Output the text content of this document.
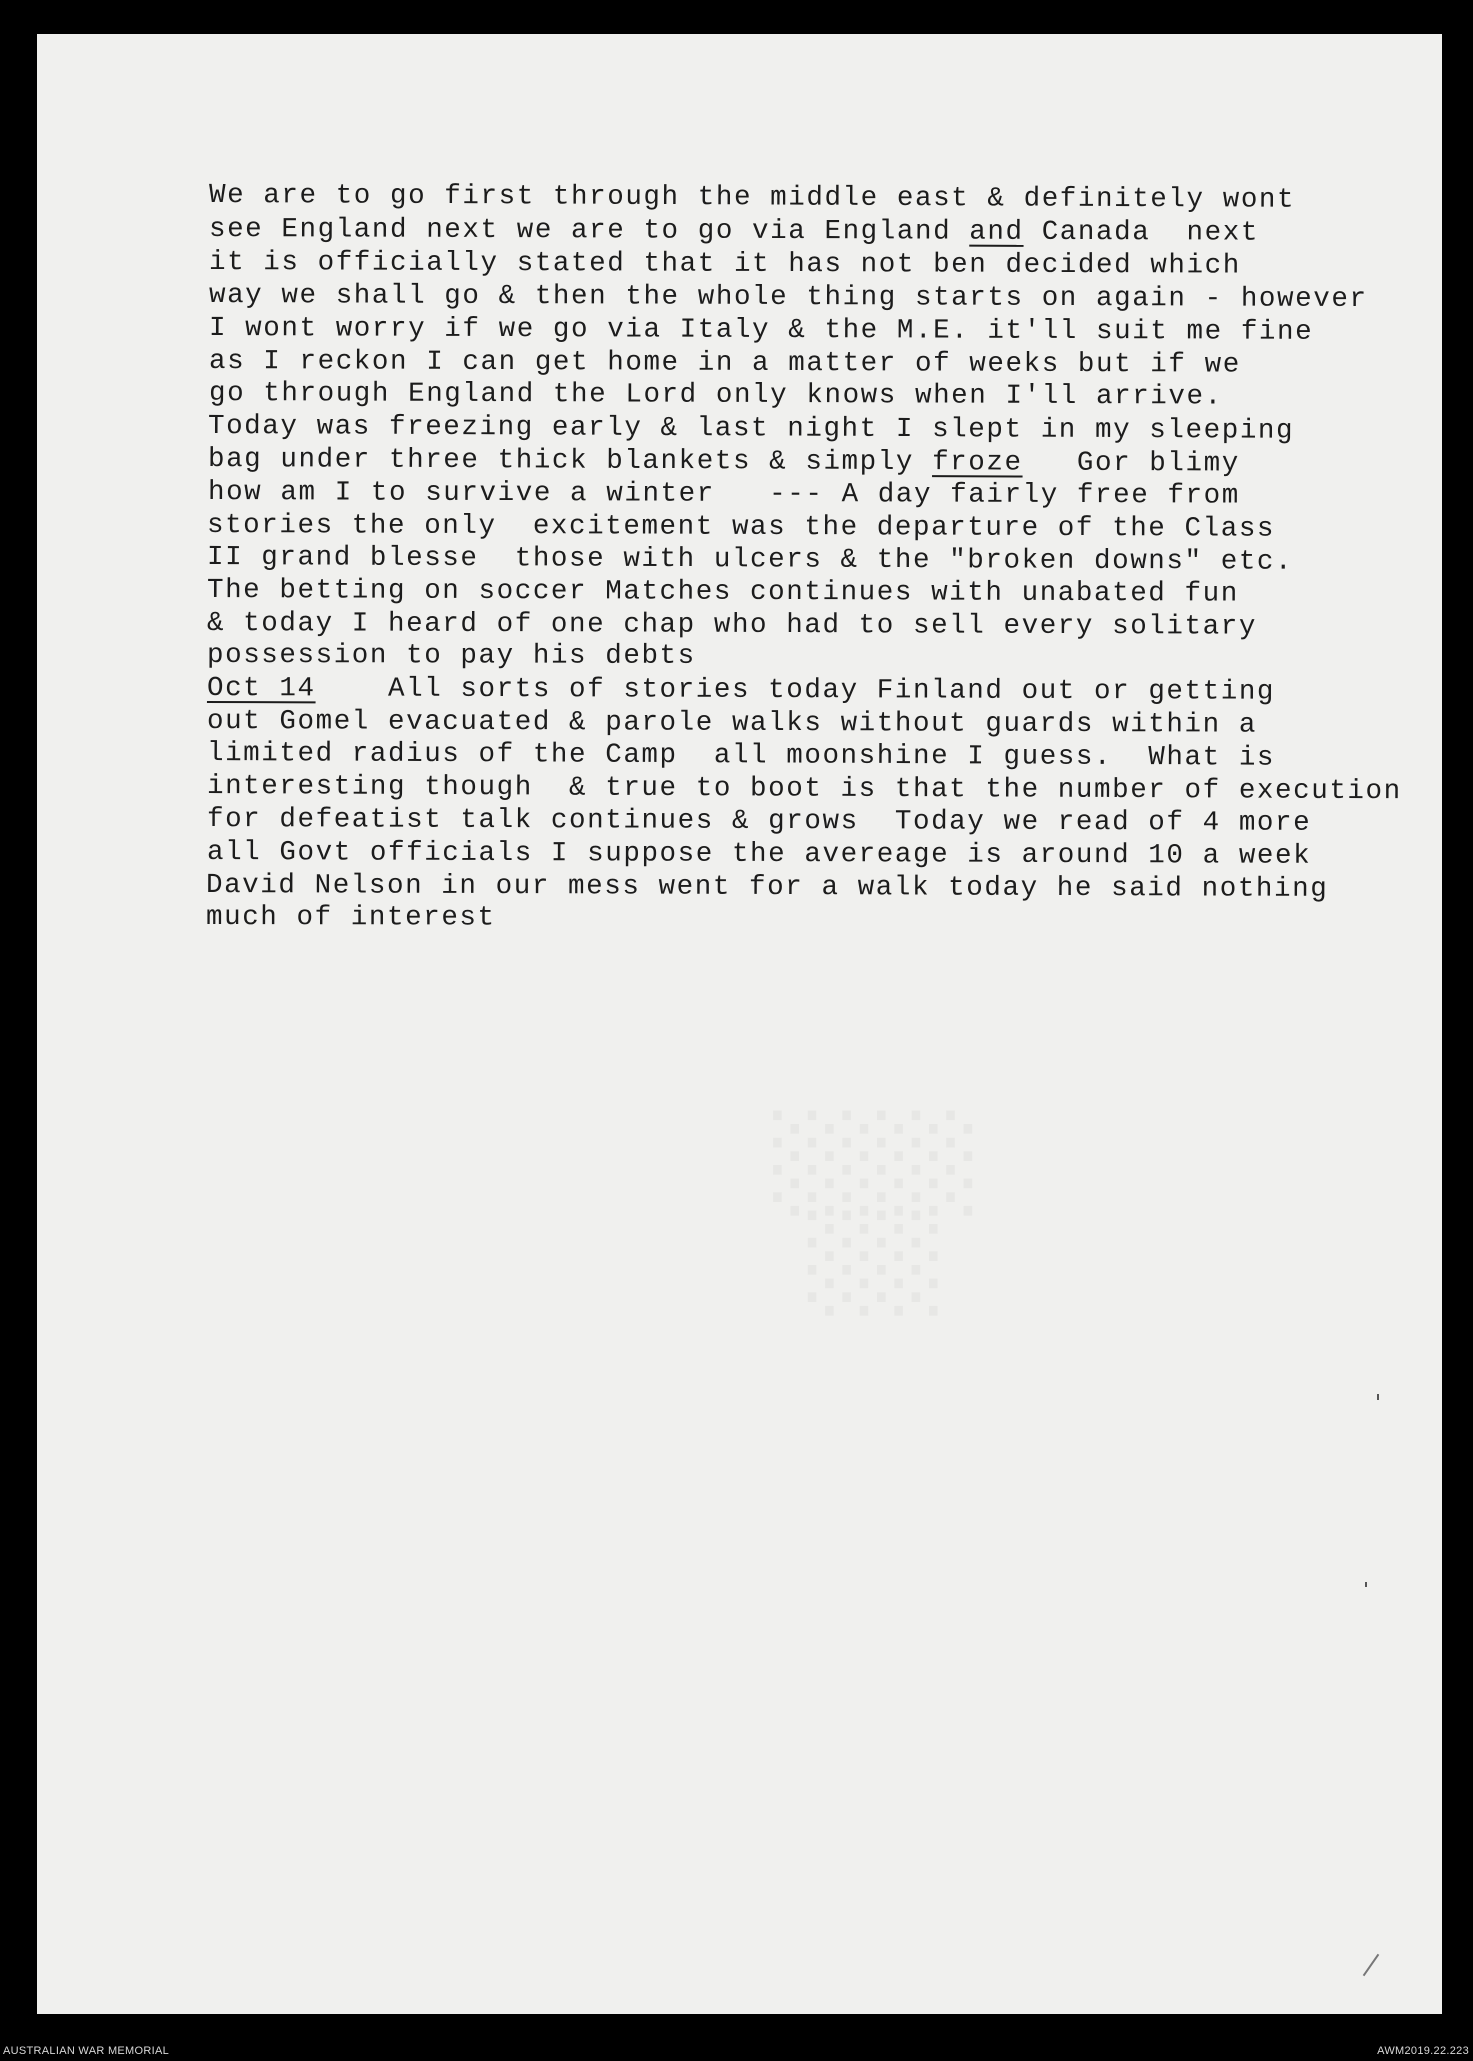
We are to go first through the middle east & definitely wont
see England next we are to go via England and Canada  next
it is officially stated that it has not ben decided which
way we shall go & then the whole thing starts on again - however
I wont worry if we go via Italy & the M.E. it'll suit me fine
as I reckon I can get home in a matter of weeks but if we
go through England the Lord only knows when I'll arrive.
Today was freezing early & last night I slept in my sleeping
bag under three thick blankets & simply froze   Gor blimy
how am I to survive a winter   --- A day fairly free from
stories the only  excitement was the departure of the Class
II grand blesse  those with ulcers & the "broken downs" etc.
The betting on soccer Matches continues with unabated fun
& today I heard of one chap who had to sell every solitary
possession to pay his debts
Oct 14    All sorts of stories today Finland out or getting
out Gomel evacuated & parole walks without guards within a
limited radius of the Camp  all moonshine I guess.  What is
interesting though  & true to boot is that the number of execution
for defeatist talk continues & grows  Today we read of 4 more
all Govt officials I suppose the avereage is around 10 a week
David Nelson in our mess went for a walk today he said nothing
much of interest
AUSTRALIAN WAR MEMORIAL	AWM2019.22.223
